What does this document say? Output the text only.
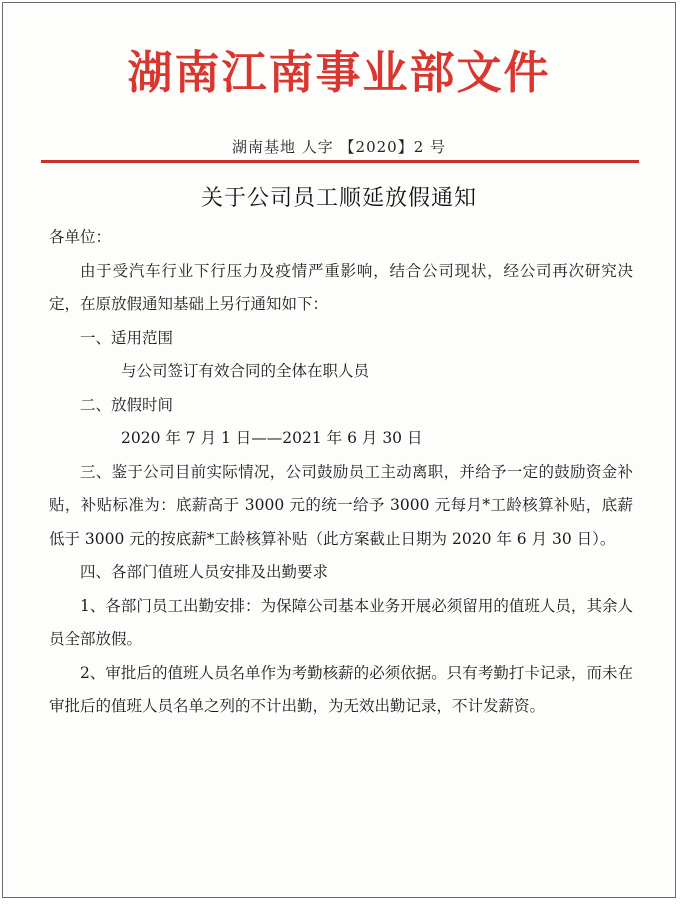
湖南江南事业部文件
湖南基地 人字 【2020】2 号
关于公司员工顺延放假通知

各单位：

由于受汽车行业下行压力及疫情严重影响，结合公司现状，经公司再次研究决定，在原放假通知基础上另行通知如下：

一、适用范围

与公司签订有效合同的全体在职人员

二、放假时间

2020 年 7 月 1 日——2021 年 6 月 30 日

三、鉴于公司目前实际情况，公司鼓励员工主动离职，并给予一定的鼓励资金补贴，补贴标准为：底薪高于 3000 元的统一给予 3000 元每月*工龄核算补贴，底薪低于 3000 元的按底薪*工龄核算补贴（此方案截止日期为 2020 年 6 月 30 日）。

四、各部门值班人员安排及出勤要求

1、各部门员工出勤安排：为保障公司基本业务开展必须留用的值班人员，其余人员全部放假。

2、审批后的值班人员名单作为考勤核薪的必须依据。只有考勤打卡记录，而未在审批后的值班人员名单之列的不计出勤，为无效出勤记录，不计发薪资。
